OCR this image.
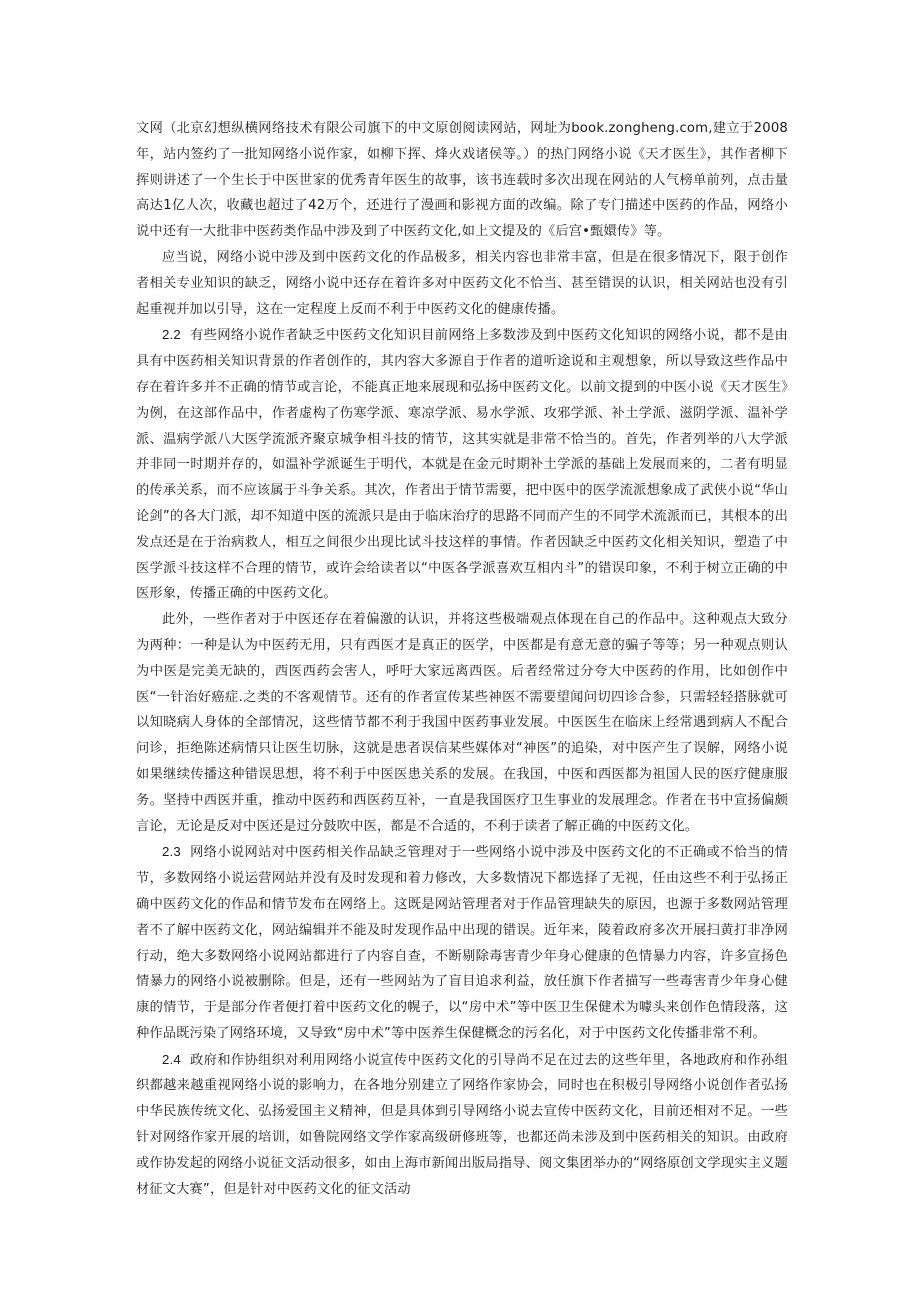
文网（北京幻想纵横网络技术有限公司旗下的中文原创阅读网站，网址为book.zongheng.com,建立于2008年，站内签约了一批知网络小说作家，如柳下挥、烽火戏诸侯等。）的热门网络小说《天才医生》，其作者柳下挥则讲述了一个生长于中医世家的优秀青年医生的故事，该书连载时多次出现在网站的人气榜单前列，点击量高达1亿人次，收藏也超过了42万个，还进行了漫画和影视方面的改编。除了专门描述中医药的作品，网络小说中还有一大批非中医药类作品中涉及到了中医药文化,如上文提及的《后宫•甄嬛传》等。

应当说，网络小说中涉及到中医药文化的作品极多，相关内容也非常丰富，但是在很多情况下，限于创作者相关专业知识的缺乏，网络小说中还存在着许多对中医药文化不恰当、甚至错误的认识，相关网站也没有引起重视并加以引导，这在一定程度上反而不利于中医药文化的健康传播。

2.2 有些网络小说作者缺乏中医药文化知识目前网络上多数涉及到中医药文化知识的网络小说，都不是由具有中医药相关知识背景的作者创作的，其内容大多源自于作者的道听途说和主观想象，所以导致这些作品中存在着许多并不正确的情节或言论，不能真正地来展现和弘扬中医药文化。以前文提到的中医小说《天才医生》为例，在这部作品中，作者虚构了伤寒学派、寒凉学派、易水学派、攻邪学派、补土学派、滋阴学派、温补学派、温病学派八大医学流派齐聚京城争相斗技的情节，这其实就是非常不恰当的。首先，作者列举的八大学派并非同一时期并存的，如温补学派诞生于明代，本就是在金元时期补土学派的基础上发展而来的，二者有明显的传承关系，而不应该属于斗争关系。其次，作者出于情节需要，把中医中的医学流派想象成了武侠小说“华山论剑”的各大门派，却不知道中医的流派只是由于临床治疗的思路不同而产生的不同学术流派而已，其根本的出发点还是在于治病救人，相互之间很少出现比试斗技这样的事情。作者因缺乏中医药文化相关知识，塑造了中医学派斗技这样不合理的情节，或许会给读者以“中医各学派喜欢互相内斗”的错误印象，不利于树立正确的中医形象，传播正确的中医药文化。

此外，一些作者对于中医还存在着偏激的认识，并将这些极端观点体现在自己的作品中。这种观点大致分为两种：一种是认为中医药无用，只有西医才是真正的医学，中医都是有意无意的骗子等等；另一种观点则认为中医是完美无缺的，西医西药会害人，呼吁大家远离西医。后者经常过分夸大中医药的作用，比如创作中医“一针治好癌症.之类的不客观情节。还有的作者宣传某些神医不需要望闻问切四诊合参，只需轻轻搭脉就可以知晓病人身体的全部情况，这些情节都不利于我国中医药事业发展。中医医生在临床上经常遇到病人不配合问诊，拒绝陈述病情只让医生切脉，这就是患者误信某些媒体对“神医”的追染，对中医产生了误解，网络小说如果继续传播这种错误思想，将不利于中医医患关系的发展。在我国，中医和西医都为祖国人民的医疗健康服务。坚持中西医并重，推动中医药和西医药互补，一直是我国医疗卫生事业的发展理念。作者在书中宣扬偏颇言论，无论是反对中医还是过分鼓吹中医，都是不合适的，不利于读者了解正确的中医药文化。

2.3 网络小说网站对中医药相关作品缺乏管理对于一些网络小说中涉及中医药文化的不正确或不恰当的情节，多数网络小说运营网站并没有及时发现和着力修改，大多数情况下都选择了无视，任由这些不利于弘扬正确中医药文化的作品和情节发布在网络上。这既是网站管理者对于作品管理缺失的原因，也源于多数网站管理者不了解中医药文化，网站编辑并不能及时发现作品中出现的错误。近年来，陵着政府多次开展扫黄打非净网行动，绝大多数网络小说网站都进行了内容自查，不断剔除毒害青少年身心健康的色情暴力内容，许多宣扬色情暴力的网络小说被删除。但是，还有一些网站为了盲目追求利益，放任旗下作者描写一些毒害青少年身心健康的情节，于是部分作者便打着中医药文化的幌子，以“房中术”等中医卫生保健术为噱头来创作色情段落，这种作品既污染了网络环境，又导致“房中术”等中医养生保健概念的污名化，对于中医药文化传播非常不利。

2.4 政府和作协组织对利用网络小说宣传中医药文化的引导尚不足在过去的这些年里，各地政府和作孙组织都越来越重视网络小说的影响力，在各地分别建立了网络作家协会，同时也在积极引导网络小说创作者弘扬中华民族传统文化、弘扬爱国主义精神，但是具体到引导网络小说去宣传中医药文化，目前还相对不足。一些针对网络作家开展的培训，如鲁院网络文学作家高级研修班等，也都还尚未涉及到中医药相关的知识。由政府或作协发起的网络小说征文活动很多，如由上海市新闻出版局指导、阅文集团举办的“网络原创文学现实主义题材征文大赛”，但是针对中医药文化的征文活动
